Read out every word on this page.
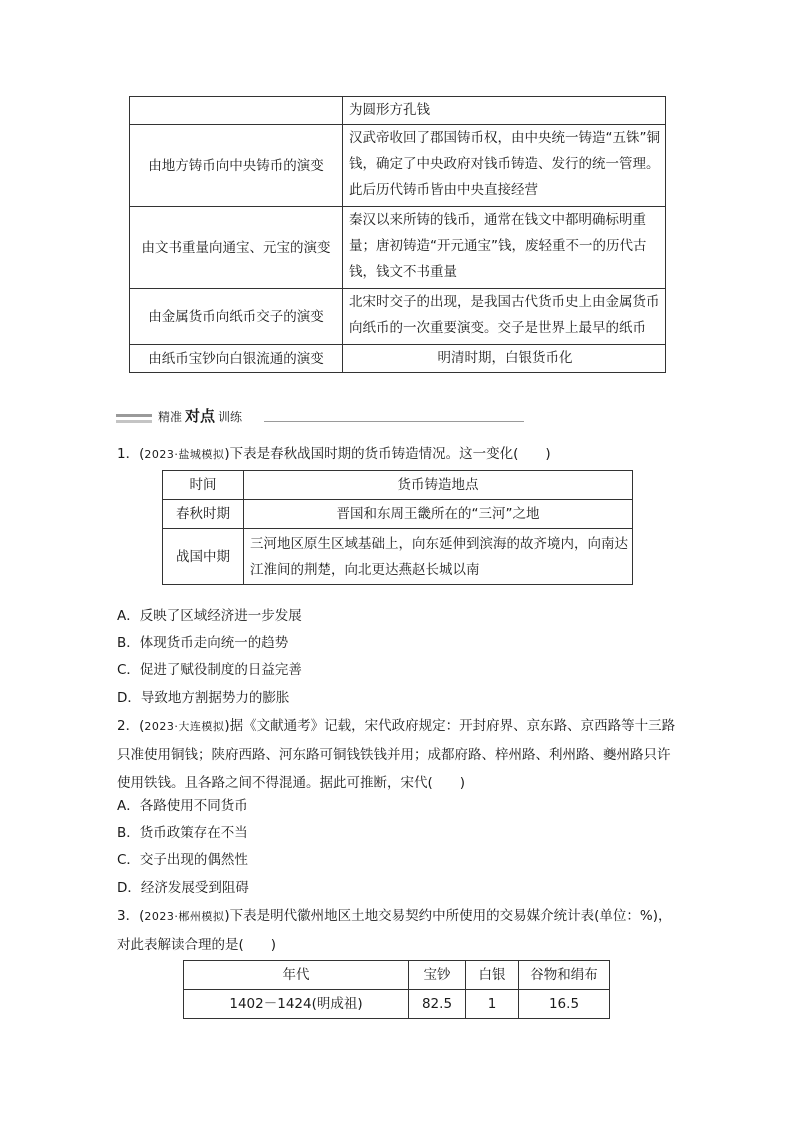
	为圆形方孔钱
由地方铸币向中央铸币的演变	汉武帝收回了郡国铸币权，由中央统一铸造“五铢”铜钱，确定了中央政府对钱币铸造、发行的统一管理。此后历代铸币皆由中央直接经营
由文书重量向通宝、元宝的演变	秦汉以来所铸的钱币，通常在钱文中都明确标明重量；唐初铸造“开元通宝”钱，废轻重不一的历代古钱，钱文不书重量
由金属货币向纸币交子的演变	北宋时交子的出现，是我国古代货币史上由金属货币向纸币的一次重要演变。交子是世界上最早的纸币
由纸币宝钞向白银流通的演变	明清时期，白银货币化
精准 对点 训练
1．(2023·盐城模拟)下表是春秋战国时期的货币铸造情况。这一变化(　　)
时间	货币铸造地点
春秋时期	晋国和东周王畿所在的“三河”之地
战国中期	三河地区原生区域基础上，向东延伸到滨海的故齐境内，向南达江淮间的荆楚，向北更达燕赵长城以南
A．反映了区域经济进一步发展
B．体现货币走向统一的趋势
C．促进了赋役制度的日益完善
D．导致地方割据势力的膨胀
2．(2023·大连模拟)据《文献通考》记载，宋代政府规定：开封府界、京东路、京西路等十三路只准使用铜钱；陕府西路、河东路可铜钱铁钱并用；成都府路、梓州路、利州路、夔州路只许使用铁钱。且各路之间不得混通。据此可推断，宋代(　　)
A．各路使用不同货币
B．货币政策存在不当
C．交子出现的偶然性
D．经济发展受到阻碍
3．(2023·郴州模拟)下表是明代徽州地区土地交易契约中所使用的交易媒介统计表(单位：%)，对此表解读合理的是(　　)
年代	宝钞	白银	谷物和绢布
1402－1424(明成祖)	82.5	1	16.5
